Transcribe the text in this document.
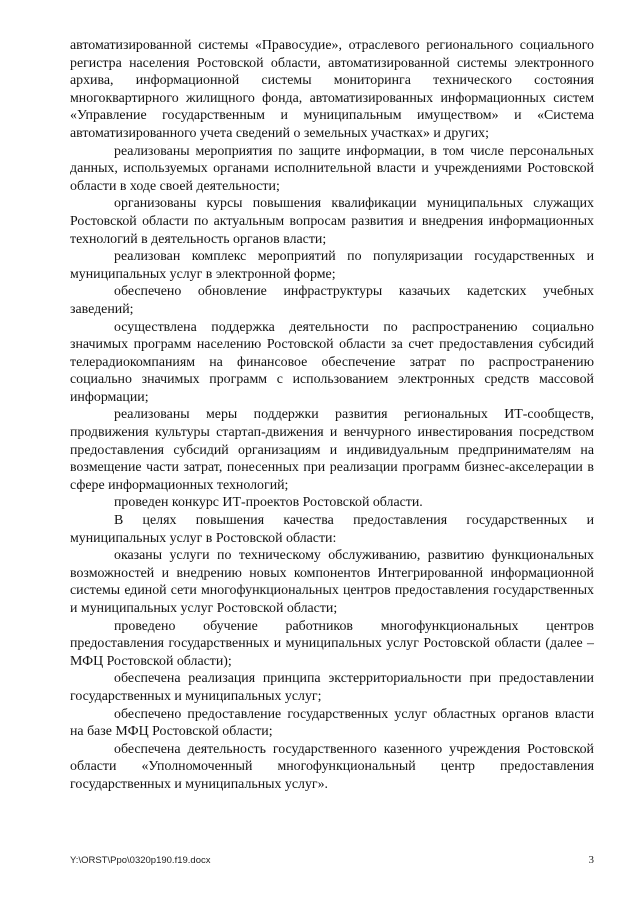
автоматизированной системы «Правосудие», отраслевого регионального социального регистра населения Ростовской области, автоматизированной системы электронного архива, информационной системы мониторинга технического состояния многоквартирного жилищного фонда, автоматизированных информационных систем «Управление государственным и муниципальным имуществом» и «Система автоматизированного учета сведений о земельных участках» и других;

реализованы мероприятия по защите информации, в том числе персональных данных, используемых органами исполнительной власти и учреждениями Ростовской области в ходе своей деятельности;

организованы курсы повышения квалификации муниципальных служащих Ростовской области по актуальным вопросам развития и внедрения информационных технологий в деятельность органов власти;

реализован комплекс мероприятий по популяризации государственных и муниципальных услуг в электронной форме;

обеспечено обновление инфраструктуры казачьих кадетских учебных заведений;

осуществлена поддержка деятельности по распространению социально значимых программ населению Ростовской области за счет предоставления субсидий телерадиокомпаниям на финансовое обеспечение затрат по распространению социально значимых программ с использованием электронных средств массовой информации;

реализованы меры поддержки развития региональных ИТ-сообществ, продвижения культуры стартап-движения и венчурного инвестирования посредством предоставления субсидий организациям и индивидуальным предпринимателям на возмещение части затрат, понесенных при реализации программ бизнес-акселерации в сфере информационных технологий;

проведен конкурс ИТ-проектов Ростовской области.

В целях повышения качества предоставления государственных и муниципальных услуг в Ростовской области:

оказаны услуги по техническому обслуживанию, развитию функциональных возможностей и внедрению новых компонентов Интегрированной информационной системы единой сети многофункциональных центров предоставления государственных и муниципальных услуг Ростовской области;

проведено обучение работников многофункциональных центров предоставления государственных и муниципальных услуг Ростовской области (далее – МФЦ Ростовской области);

обеспечена реализация принципа экстерриториальности при предоставлении государственных и муниципальных услуг;

обеспечено предоставление государственных услуг областных органов власти на базе МФЦ Ростовской области;

обеспечена деятельность государственного казенного учреждения Ростовской области «Уполномоченный многофункциональный центр предоставления государственных и муниципальных услуг».

Y:\ORST\Ppo\0320p190.f19.docx	3
